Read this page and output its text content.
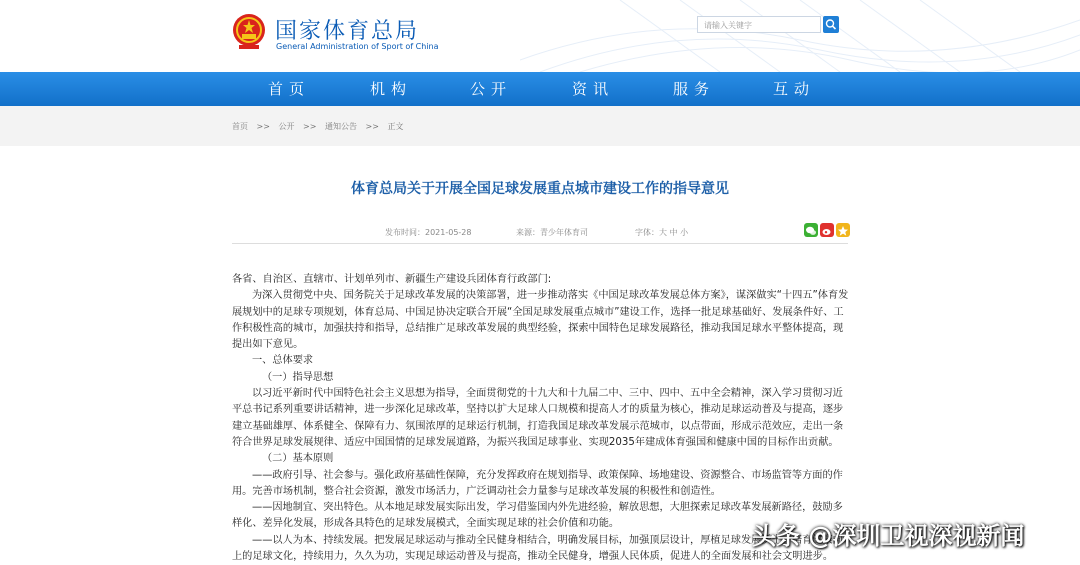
国家体育总局
General Administration of Sport of China
请输入关键字
首页	机构	公开	资讯	服务	互动
首页 >> 公开 >> 通知公告 >> 正文
体育总局关于开展全国足球发展重点城市建设工作的指导意见
发布时间：2021-05-28	来源：青少年体育司	字体：大 中 小

各省、自治区、直辖市、计划单列市、新疆生产建设兵团体育行政部门:

为深入贯彻党中央、国务院关于足球改革发展的决策部署，进一步推动落实《中国足球改革发展总体方案》，谋深做实“十四五”体育发展规划中的足球专项规划，体育总局、中国足协决定联合开展“全国足球发展重点城市”建设工作，选择一批足球基础好、发展条件好、工作积极性高的城市，加强扶持和指导，总结推广足球改革发展的典型经验，探索中国特色足球发展路径，推动我国足球水平整体提高，现提出如下意见。

一、总体要求

（一）指导思想

以习近平新时代中国特色社会主义思想为指导，全面贯彻党的十九大和十九届二中、三中、四中、五中全会精神，深入学习贯彻习近平总书记系列重要讲话精神，进一步深化足球改革，坚持以扩大足球人口规模和提高人才的质量为核心，推动足球运动普及与提高，逐步建立基础雄厚、体系健全、保障有力、氛围浓厚的足球运行机制，打造我国足球改革发展示范城市，以点带面，形成示范效应，走出一条符合世界足球发展规律、适应中国国情的足球发展道路，为振兴我国足球事业、实现2035年建成体育强国和健康中国的目标作出贡献。

（二）基本原则

——政府引导、社会参与。强化政府基础性保障，充分发挥政府在规划指导、政策保障、场地建设、资源整合、市场监管等方面的作用。完善市场机制，整合社会资源，激发市场活力，广泛调动社会力量参与足球改革发展的积极性和创造性。

——因地制宜、突出特色。从本地足球发展实际出发，学习借鉴国内外先进经验，解放思想，大胆探索足球改革发展新路径，鼓励多样化、差异化发展，形成各具特色的足球发展模式，全面实现足球的社会价值和功能。

——以人为本、持续发展。把发展足球运动与推动全民健身相结合，明确发展目标，加强顶层设计，厚植足球发展沃土，培育健康向上的足球文化，持续用力，久久为功，实现足球运动普及与提高，推动全民健身，增强人民体质，促进人的全面发展和社会文明进步。

头条 @深圳卫视深视新闻
